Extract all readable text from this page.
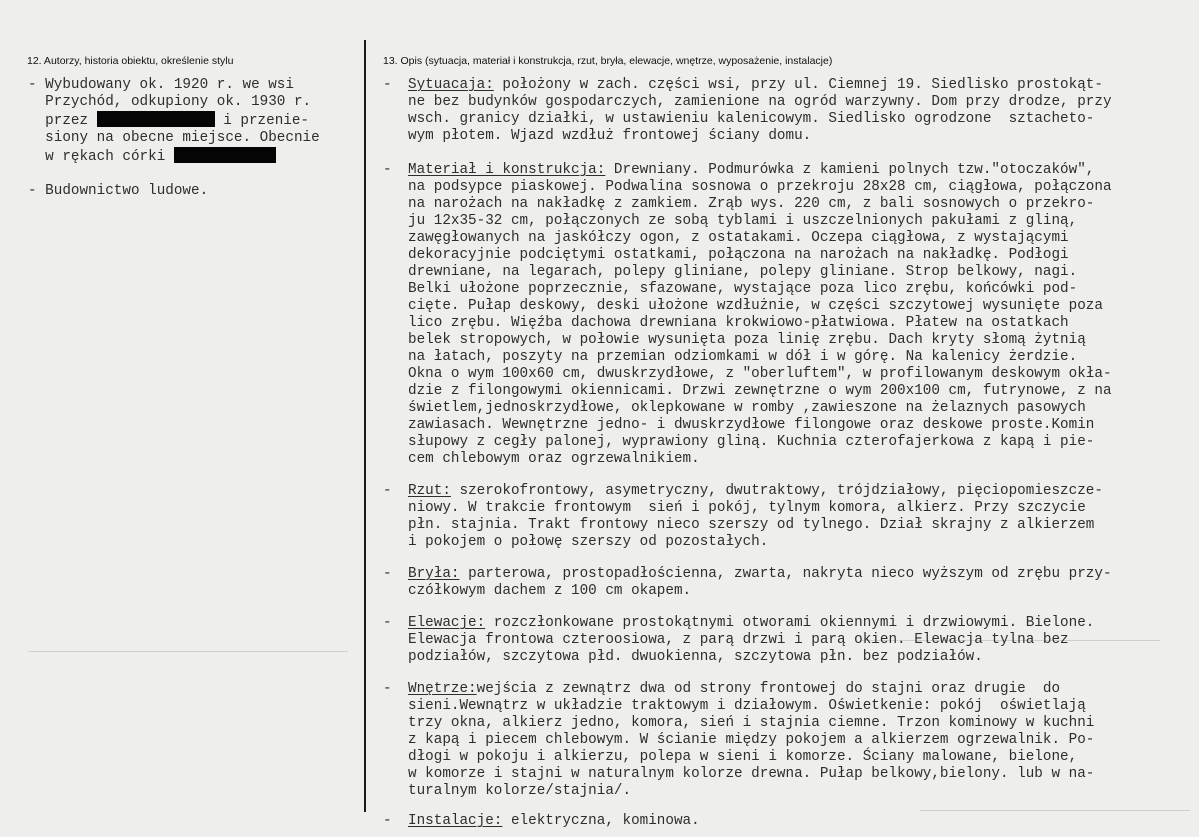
12. Autorzy, historia obiektu, określenie stylu	13. Opis (sytuacja, materiał i konstrukcja, rzut, bryła, elewacje, wnętrze, wyposażenie, instalacje)
- Wybudowany ok. 1920 r. we wsi
Przychód, odkupiony ok. 1930 r.
przez	i przenie-
siony na obecne miejsce. Obecnie
w rękach córki
- Budownictwo ludowe.
- Sytuacaja: położony w zach. części wsi, przy ul. Ciemnej 19. Siedlisko prostokąt-
ne bez budynków gospodarczych, zamienione na ogród warzywny. Dom przy drodze, przy
wsch. granicy działki, w ustawieniu kalenicowym. Siedlisko ogrodzone  sztacheto-
wym płotem. Wjazd wzdłuż frontowej ściany domu.
- Materiał i konstrukcja: Drewniany. Podmurówka z kamieni polnych tzw."otoczaków",
na podsypce piaskowej. Podwalina sosnowa o przekroju 28x28 cm, ciągłowa, połączona
na narożach na nakładkę z zamkiem. Zrąb wys. 220 cm, z bali sosnowych o przekro-
ju 12x35-32 cm, połączonych ze sobą tyblami i uszczelnionych pakułami z gliną,
zawęgłowanych na jaskółczy ogon, z ostatakami. Oczepa ciągłowa, z wystającymi
dekoracyjnie podciętymi ostatkami, połączona na narożach na nakładkę. Podłogi
drewniane, na legarach, polepy gliniane, polepy gliniane. Strop belkowy, nagi.
Belki ułożone poprzecznie, sfazowane, wystające poza lico zrębu, końcówki pod-
cięte. Pułap deskowy, deski ułożone wzdłużnie, w części szczytowej wysunięte poza
lico zrębu. Więźba dachowa drewniana krokwiowo-płatwiowa. Płatew na ostatkach
belek stropowych, w połowie wysunięta poza linię zrębu. Dach kryty słomą żytnią
na łatach, poszyty na przemian odziomkami w dół i w górę. Na kalenicy żerdzie.
Okna o wym 100x60 cm, dwuskrzydłowe, z "oberluftem", w profilowanym deskowym okła-
dzie z filongowymi okiennicami. Drzwi zewnętrzne o wym 200x100 cm, futrynowe, z na
świetlem,jednoskrzydłowe, oklepkowane w romby ,zawieszone na żelaznych pasowych
zawiasach. Wewnętrzne jedno- i dwuskrzydłowe filongowe oraz deskowe proste.Komin
słupowy z cegły palonej, wyprawiony gliną. Kuchnia czterofajerkowa z kapą i pie-
cem chlebowym oraz ogrzewalnikiem.
- Rzut: szerokofrontowy, asymetryczny, dwutraktowy, trójdziałowy, pięciopomieszcze-
niowy. W trakcie frontowym  sień i pokój, tylnym komora, alkierz. Przy szczycie
płn. stajnia. Trakt frontowy nieco szerszy od tylnego. Dział skrajny z alkierzem
i pokojem o połowę szerszy od pozostałych.
- Bryła: parterowa, prostopadłościenna, zwarta, nakryta nieco wyższym od zrębu przy-
czółkowym dachem z 100 cm okapem.
- Elewacje: rozczłonkowane prostokątnymi otworami okiennymi i drzwiowymi. Bielone.
Elewacja frontowa czteroosiowa, z parą drzwi i parą okien. Elewacja tylna bez
podziałów, szczytowa płd. dwuokienna, szczytowa płn. bez podziałów.
- Wnętrze:wejścia z zewnątrz dwa od strony frontowej do stajni oraz drugie  do
sieni.Wewnątrz w układzie traktowym i działowym. Oświetkenie: pokój  oświetlają
trzy okna, alkierz jedno, komora, sień i stajnia ciemne. Trzon kominowy w kuchni
z kapą i piecem chlebowym. W ścianie między pokojem a alkierzem ogrzewalnik. Po-
dłogi w pokoju i alkierzu, polepa w sieni i komorze. Ściany malowane, bielone,
w komorze i stajni w naturalnym kolorze drewna. Pułap belkowy,bielony. lub w na-
turalnym kolorze/stajnia/.
- Instalacje: elektryczna, kominowa.
